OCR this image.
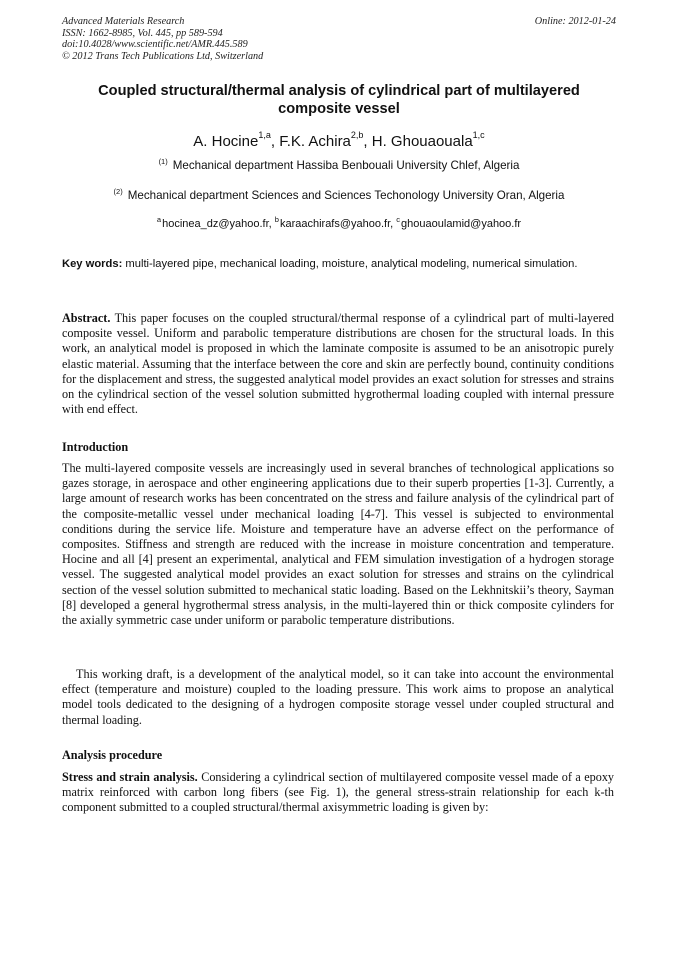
Advanced Materials Research
ISSN: 1662-8985, Vol. 445, pp 589-594
doi:10.4028/www.scientific.net/AMR.445.589
© 2012 Trans Tech Publications Ltd, Switzerland
Online: 2012-01-24
Coupled structural/thermal analysis of cylindrical part of multilayered composite vessel
A. Hocine$^{1,a}$, F.K. Achira$^{2,b}$, H. Ghouaouala$^{1,c}$
$^{(1)}$ Mechanical department Hassiba Benbouali University Chlef, Algeria
$^{(2)}$ Mechanical department Sciences and Sciences Techonology University Oran, Algeria
$^a$hocinea_dz@yahoo.fr, $^b$karaachirafs@yahoo.fr, $^c$ghouaoulamid@yahoo.fr
Key words: multi-layered pipe, mechanical loading, moisture, analytical modeling, numerical simulation.

Abstract. This paper focuses on the coupled structural/thermal response of a cylindrical part of multi-layered composite vessel. Uniform and parabolic temperature distributions are chosen for the structural loads. In this work, an analytical model is proposed in which the laminate composite is assumed to be an anisotropic purely elastic material. Assuming that the interface between the core and skin are perfectly bound, continuity conditions for the displacement and stress, the suggested analytical model provides an exact solution for stresses and strains on the cylindrical section of the vessel solution submitted hygrothermal loading coupled with internal pressure with end effect.

Introduction

The multi-layered composite vessels are increasingly used in several branches of technological applications so gazes storage, in aerospace and other engineering applications due to their superb properties [1-3]. Currently, a large amount of research works has been concentrated on the stress and failure analysis of the cylindrical part of the composite-metallic vessel under mechanical loading [4-7]. This vessel is subjected to environmental conditions during the service life. Moisture and temperature have an adverse effect on the performance of composites. Stiffness and strength are reduced with the increase in moisture concentration and temperature. Hocine and all [4] present an experimental, analytical and FEM simulation investigation of a hydrogen storage vessel. The suggested analytical model provides an exact solution for stresses and strains on the cylindrical section of the vessel solution submitted to mechanical static loading. Based on the Lekhnitskii’s theory, Sayman [8] developed a general hygrothermal stress analysis, in the multi-layered thin or thick composite cylinders for the axially symmetric case under uniform or parabolic temperature distributions.

This working draft, is a development of the analytical model, so it can take into account the environmental effect (temperature and moisture) coupled to the loading pressure. This work aims to propose an analytical model tools dedicated to the designing of a hydrogen composite storage vessel under coupled structural and thermal loading.

Analysis procedure

Stress and strain analysis. Considering a cylindrical section of multilayered composite vessel made of a epoxy matrix reinforced with carbon long fibers (see Fig. 1), the general stress-strain relationship for each k-th component submitted to a coupled structural/thermal axisymmetric loading is given by:
